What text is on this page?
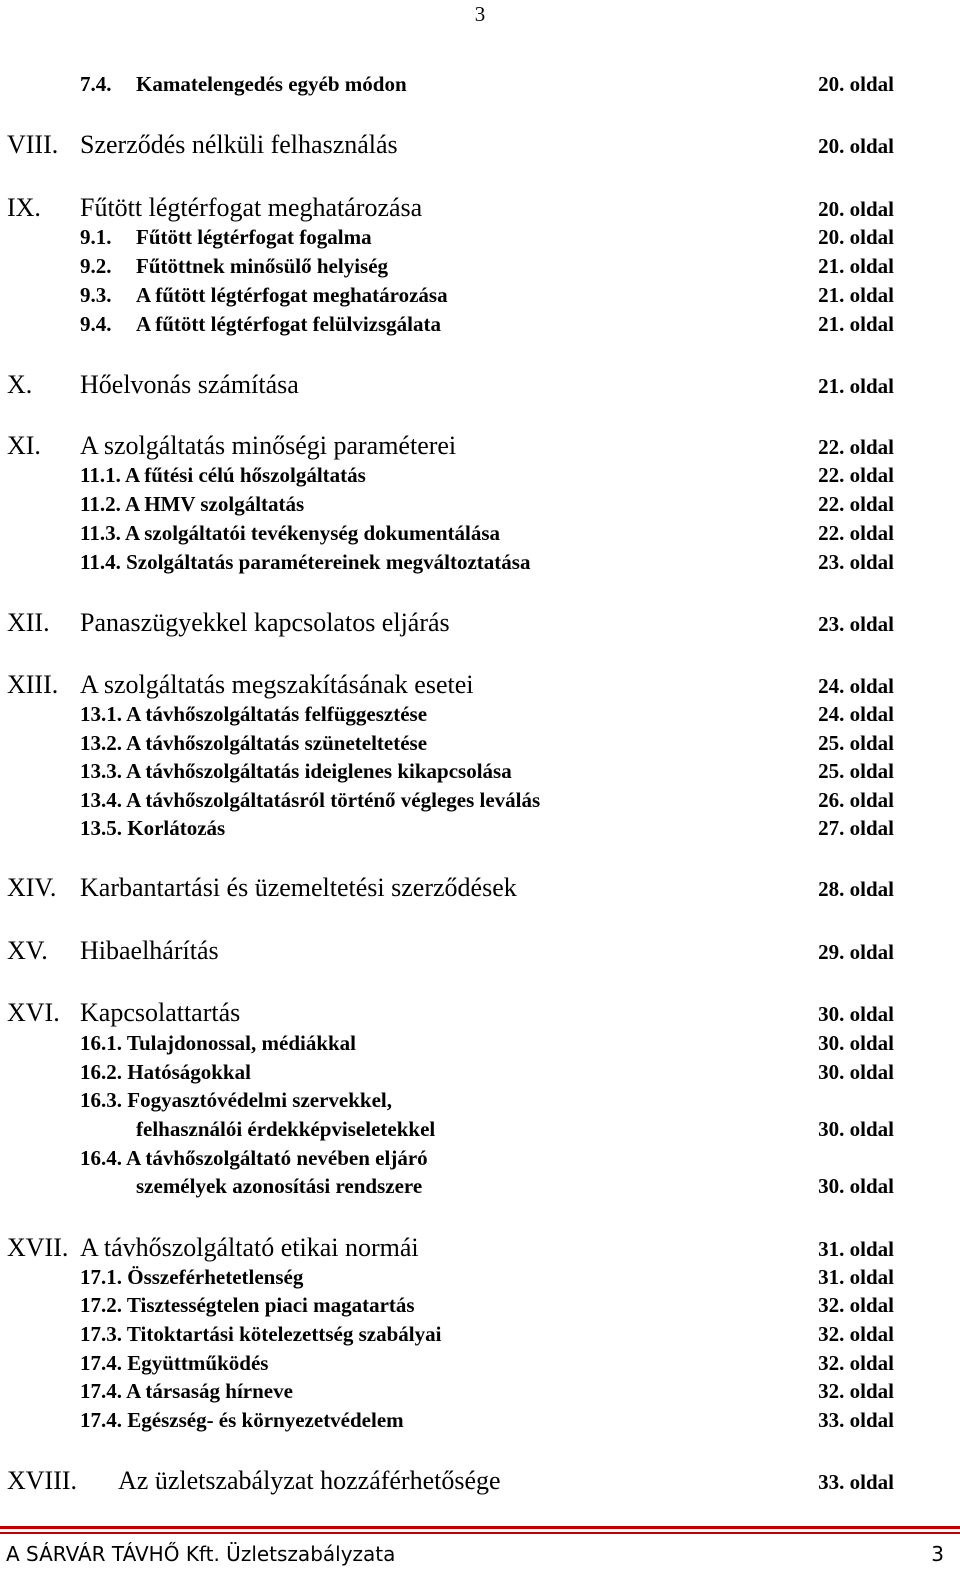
3
7.4. Kamatelengedés egyéb módon	20. oldal
VIII. Szerződés nélküli felhasználás	20. oldal
IX. Fűtött légtérfogat meghatározása	20. oldal
9.1. Fűtött légtérfogat fogalma	20. oldal
9.2. Fűtöttnek minősülő helyiség	21. oldal
9.3. A fűtött légtérfogat meghatározása	21. oldal
9.4. A fűtött légtérfogat felülvizsgálata	21. oldal
X. Hőelvonás számítása	21. oldal
XI. A szolgáltatás minőségi paraméterei	22. oldal
11.1. A fűtési célú hőszolgáltatás	22. oldal
11.2. A HMV szolgáltatás	22. oldal
11.3. A szolgáltatói tevékenység dokumentálása	22. oldal
11.4. Szolgáltatás paramétereinek megváltoztatása	23. oldal
XII. Panaszügyekkel kapcsolatos eljárás	23. oldal
XIII. A szolgáltatás megszakításának esetei	24. oldal
13.1. A távhőszolgáltatás felfüggesztése	24. oldal
13.2. A távhőszolgáltatás szüneteltetése	25. oldal
13.3. A távhőszolgáltatás ideiglenes kikapcsolása	25. oldal
13.4. A távhőszolgáltatásról történő végleges leválás	26. oldal
13.5. Korlátozás	27. oldal
XIV. Karbantartási és üzemeltetési szerződések	28. oldal
XV. Hibaelhárítás	29. oldal
XVI. Kapcsolattartás	30. oldal
16.1. Tulajdonossal, médiákkal	30. oldal
16.2. Hatóságokkal	30. oldal
16.3. Fogyasztóvédelmi szervekkel,
felhasználói érdekképviseletekkel	30. oldal
16.4. A távhőszolgáltató nevében eljáró
személyek azonosítási rendszere	30. oldal
XVII. A távhőszolgáltató etikai normái	31. oldal
17.1. Összeférhetetlenség	31. oldal
17.2. Tisztességtelen piaci magatartás	32. oldal
17.3. Titoktartási kötelezettség szabályai	32. oldal
17.4. Együttműködés	32. oldal
17.4. A társaság hírneve	32. oldal
17.4. Egészség- és környezetvédelem	33. oldal
XVIII. Az üzletszabályzat hozzáférhetősége	33. oldal
A SÁRVÁR TÁVHŐ Kft. Üzletszabályzata	3
